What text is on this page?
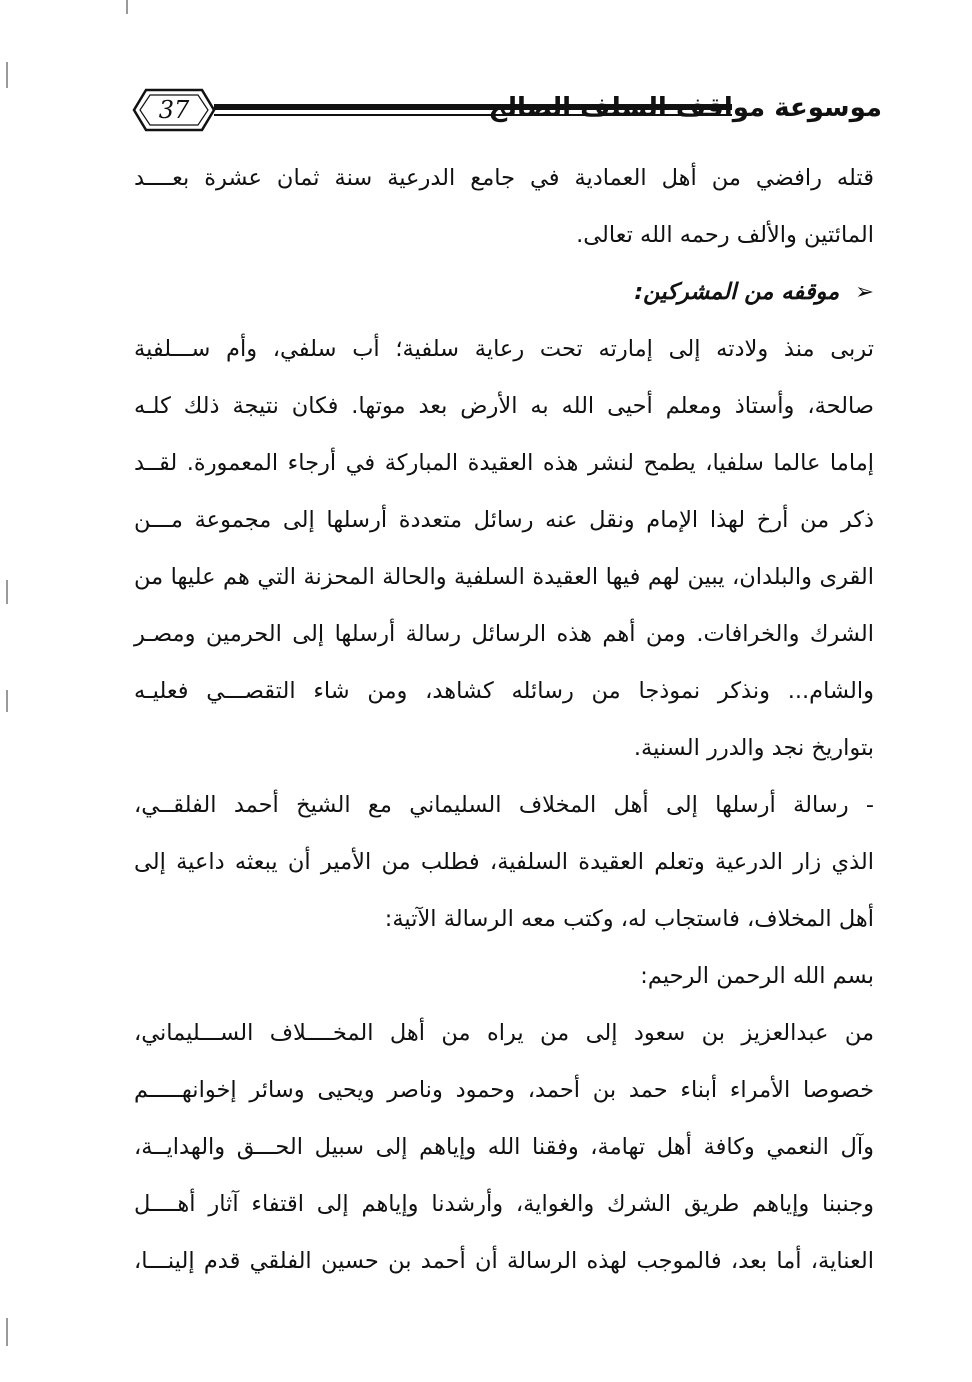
37	موسوعة مواقف السلف الصالح
قتله رافضي من أهل العمادية في جامع الدرعية سنة ثمان عشرة بعــــد
المائتين والألف رحمه الله تعالى.
➢موقفه من المشركين:
تربى منذ ولادته إلى إمارته تحت رعاية سلفية؛ أب سلفي، وأم ســـلفية
صالحة، وأستاذ ومعلم أحيى الله به الأرض بعد موتها. فكان نتيجة ذلك كلـه
إماما عالما سلفيا، يطمح لنشر هذه العقيدة المباركة في أرجاء المعمورة. لقــد
ذكر من أرخ لهذا الإمام ونقل عنه رسائل متعددة أرسلها إلى مجموعة مـــن
القرى والبلدان، يبين لهم فيها العقيدة السلفية والحالة المحزنة التي هم عليها من
الشرك والخرافات. ومن أهم هذه الرسائل رسالة أرسلها إلى الحرمين ومصـر
والشام... ونذكر نموذجا من رسائله كشاهد، ومن شاء التقصـــي فعليـه
بتواريخ نجد والدرر السنية.
- رسالة أرسلها إلى أهل المخلاف السليماني مع الشيخ أحمد الفلقــي،
الذي زار الدرعية وتعلم العقيدة السلفية، فطلب من الأمير أن يبعثه داعية إلى
أهل المخلاف، فاستجاب له، وكتب معه الرسالة الآتية:
بسم الله الرحمن الرحيم:
من عبدالعزيز بن سعود إلى من يراه من أهل المخــــلاف الســـليماني،
خصوصا الأمراء أبناء حمد بن أحمد، وحمود وناصر ويحيى وسائر إخوانهـــــم
وآل النعمي وكافة أهل تهامة، وفقنا الله وإياهم إلى سبيل الحـــق والهدايــة،
وجنبنا وإياهم طريق الشرك والغواية، وأرشدنا وإياهم إلى اقتفاء آثار أهــــل
العناية، أما بعد، فالموجب لهذه الرسالة أن أحمد بن حسين الفلقي قدم إلينـــا،
